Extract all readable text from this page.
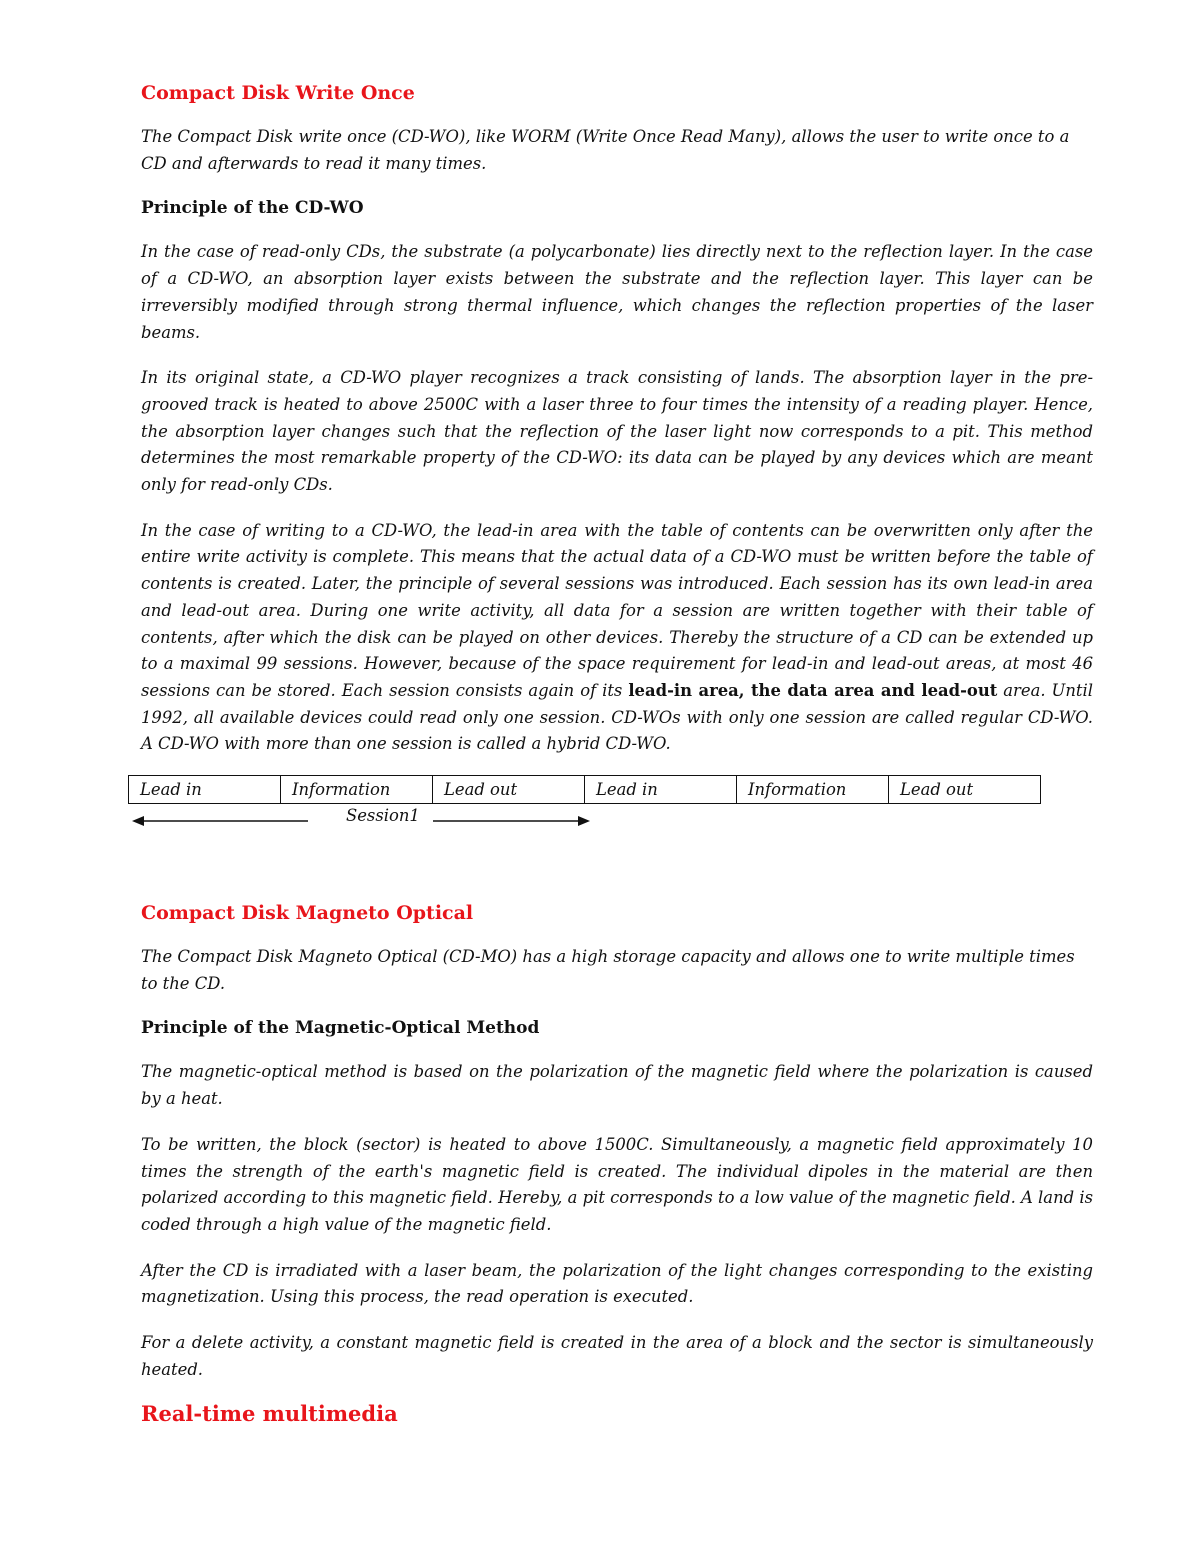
Compact Disk Write Once

The Compact Disk write once (CD-WO), like WORM (Write Once Read Many), allows the user to write once to a CD and afterwards to read it many times.

Principle of the CD-WO

In the case of read-only CDs, the substrate (a polycarbonate) lies directly next to the reflection layer. In the case of a CD-WO, an absorption layer exists between the substrate and the reflection layer. This layer can be irreversibly modified through strong thermal influence, which changes the reflection properties of the laser beams.

In its original state, a CD-WO player recognizes a track consisting of lands. The absorption layer in the pre-grooved track is heated to above 2500C with a laser three to four times the intensity of a reading player. Hence, the absorption layer changes such that the reflection of the laser light now corresponds to a pit. This method determines the most remarkable property of the CD-WO: its data can be played by any devices which are meant only for read-only CDs.

In the case of writing to a CD-WO, the lead-in area with the table of contents can be overwritten only after the entire write activity is complete. This means that the actual data of a CD-WO must be written before the table of contents is created. Later, the principle of several sessions was introduced. Each session has its own lead-in area and lead-out area. During one write activity, all data for a session are written together with their table of contents, after which the disk can be played on other devices. Thereby the structure of a CD can be extended up to a maximal 99 sessions. However, because of the space requirement for lead-in and lead-out areas, at most 46 sessions can be stored. Each session consists again of its lead-in area, the data area and lead-out area. Until 1992, all available devices could read only one session. CD-WOs with only one session are called regular CD-WO. A CD-WO with more than one session is called a hybrid CD-WO.

Lead in	Information	Lead out	Lead in	Information	Lead out
Session1
Compact Disk Magneto Optical

The Compact Disk Magneto Optical (CD-MO) has a high storage capacity and allows one to write multiple times to the CD.

Principle of the Magnetic-Optical Method

The magnetic-optical method is based on the polarization of the magnetic field where the polarization is caused by a heat.

To be written, the block (sector) is heated to above 1500C. Simultaneously, a magnetic field approximately 10 times the strength of the earth's magnetic field is created. The individual dipoles in the material are then polarized according to this magnetic field. Hereby, a pit corresponds to a low value of the magnetic field. A land is coded through a high value of the magnetic field.

After the CD is irradiated with a laser beam, the polarization of the light changes corresponding to the existing magnetization. Using this process, the read operation is executed.

For a delete activity, a constant magnetic field is created in the area of a block and the sector is simultaneously heated.

Real-time multimedia
